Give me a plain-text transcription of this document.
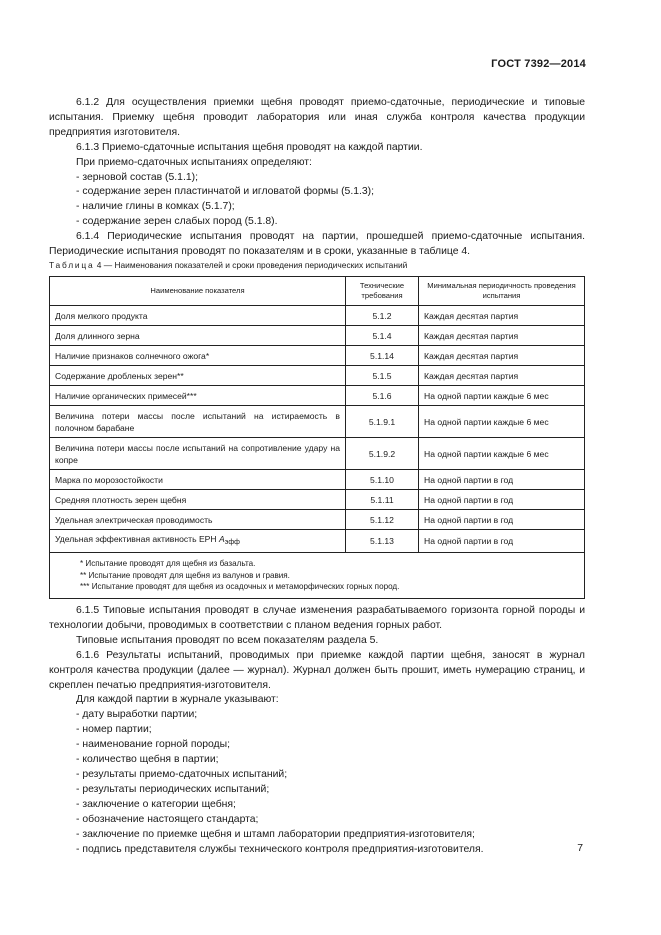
ГОСТ 7392—2014

6.1.2 Для осуществления приемки щебня проводят приемо-сдаточные, периодические и типовые испытания. Приемку щебня проводит лаборатория или иная служба контроля качества продукции предприятия изготовителя.

6.1.3 Приемо-сдаточные испытания щебня проводят на каждой партии.

При приемо-сдаточных испытаниях определяют:

- зерновой состав (5.1.1);

- содержание зерен пластинчатой и игловатой формы (5.1.3);

- наличие глины в комках (5.1.7);

- содержание зерен слабых пород (5.1.8).

6.1.4 Периодические испытания проводят на партии, прошедшей приемо-сдаточные испытания. Периодические испытания проводят по показателям и в сроки, указанные в таблице 4.

Таблица 4 — Наименования показателей и сроки проведения периодических испытаний
Наименование показателя	Технические требования	Минимальная периодичность проведения испытания
Доля мелкого продукта	5.1.2	Каждая десятая партия
Доля длинного зерна	5.1.4	Каждая десятая партия
Наличие признаков солнечного ожога*	5.1.14	Каждая десятая партия
Содержание дробленых зерен**	5.1.5	Каждая десятая партия
Наличие органических примесей***	5.1.6	На одной партии каждые 6 мес
Величина потери массы после испытаний на истираемость в полочном барабане	5.1.9.1	На одной партии каждые 6 мес
Величина потери массы после испытаний на сопротивление удару на копре	5.1.9.2	На одной партии каждые 6 мес
Марка по морозостойкости	5.1.10	На одной партии в год
Средняя плотность зерен щебня	5.1.11	На одной партии в год
Удельная электрическая проводимость	5.1.12	На одной партии в год
Удельная эффективная активность ЕРН $A_{эфф}$	5.1.13	На одной партии в год

* Испытание проводят для щебня из базальта.
** Испытание проводят для щебня из валунов и гравия.
*** Испытание проводят для щебня из осадочных и метаморфических горных пород.		

6.1.5 Типовые испытания проводят в случае изменения разрабатываемого горизонта горной породы и технологии добычи, проводимых в соответствии с планом ведения горных работ.

Типовые испытания проводят по всем показателям раздела 5.

6.1.6 Результаты испытаний, проводимых при приемке каждой партии щебня, заносят в журнал контроля качества продукции (далее — журнал). Журнал должен быть прошит, иметь нумерацию страниц, и скреплен печатью предприятия-изготовителя.

Для каждой партии в журнале указывают:

- дату выработки партии;

- номер партии;

- наименование горной породы;

- количество щебня в партии;

- результаты приемо-сдаточных испытаний;

- результаты периодических испытаний;

- заключение о категории щебня;

- обозначение настоящего стандарта;

- заключение по приемке щебня и штамп лаборатории предприятия-изготовителя;

- подпись представителя службы технического контроля предприятия-изготовителя.	7
